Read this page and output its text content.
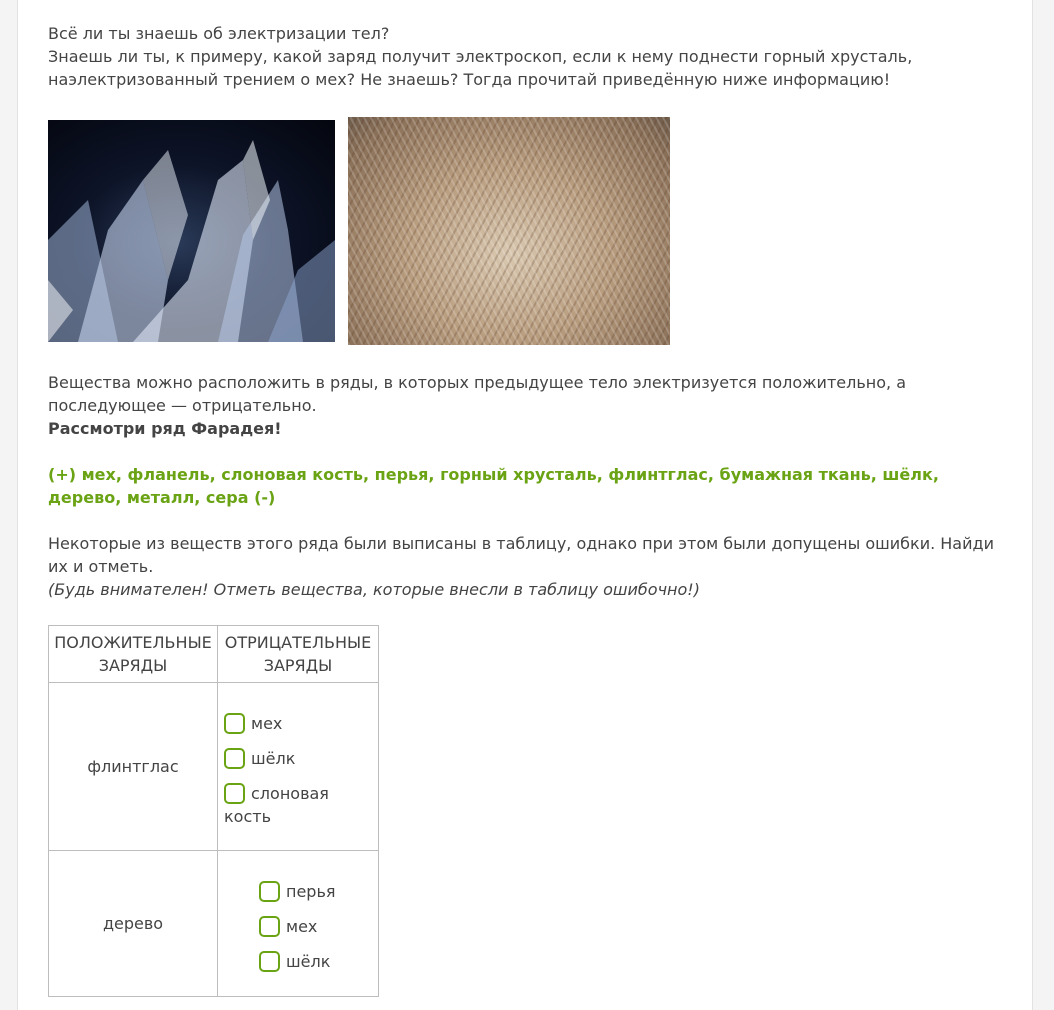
Всё ли ты знаешь об электризации тел?

Знаешь ли ты, к примеру, какой заряд получит электроскоп, если к нему поднести горный хрусталь, наэлектризованный трением о мех? Не знаешь? Тогда прочитай приведённую ниже информацию!

Вещества можно расположить в ряды, в которых предыдущее тело электризуется положительно, а последующее — отрицательно.

Рассмотри ряд Фарадея!

(+) мех, фланель, слоновая кость, перья, горный хрусталь, флинтглас, бумажная ткань, шёлк, дерево, металл, сера (-)

Некоторые из веществ этого ряда были выписаны в таблицу, однако при этом были допущены ошибки. Найди их и отметь.

(Будь внимателен! Отметь вещества, которые внесли в таблицу ошибочно!)

ПОЛОЖИТЕЛЬНЫЕ ЗАРЯДЫ	ОТРИЦАТЕЛЬНЫЕ ЗАРЯДЫ
флинтглас	мех
шёлк
слоновая кость

дерево	перья
мех
шёлк
